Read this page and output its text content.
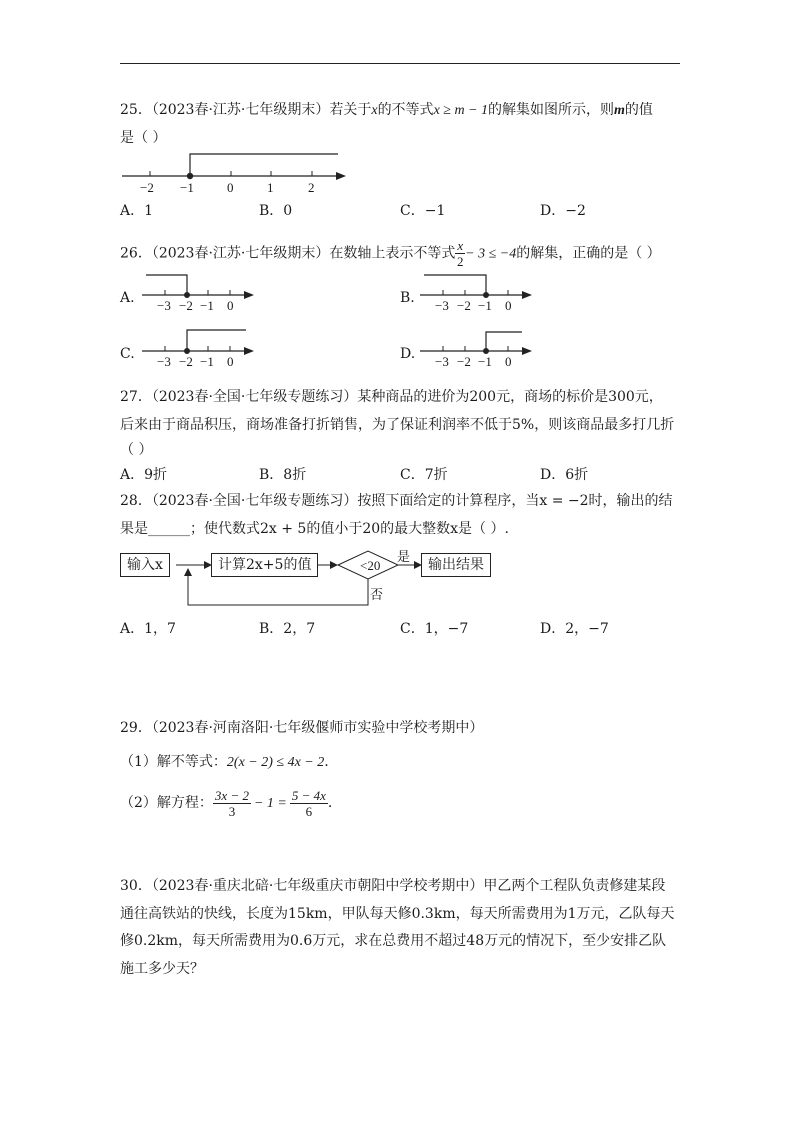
25．（2023春·江苏·七年级期末）若关于x的不等式x ≥ m − 1的解集如图所示，则m的值
是（ ）
−2 −1	0	1	2
A．1	B．0	C．−1	D．−2
26．（2023春·江苏·七年级期末）在数轴上表示不等式 $\frac{x}{2} - 3 \le -4$的解集，正确的是（ ）
A. −3 −2 −1 0	B. −3 −2 −1 0
C. −3 −2 −1 0	D. −3 −2 −1 0
27．（2023春·全国·七年级专题练习）某种商品的进价为200元，商场的标价是300元，
后来由于商品积压，商场准备打折销售，为了保证利润率不低于5%，则该商品最多打几折
（ ）
A．9折	B．8折	C．7折	D．6折
28．（2023春·全国·七年级专题练习）按照下面给定的计算程序，当x = −2时，输出的结
果是______；使代数式2x + 5的值小于20的最大整数x是（ ）.
<20
输入x	计算2x+5的值	输出结果
是
否
A．1，7	B．2，7	C．1，−7	D．2，−7
29．（2023春·河南洛阳·七年级偃师市实验中学校考期中）
（1）解不等式：2(x − 2) ≤ 4x − 2.
（2）解方程： $\frac{3x - 2}{3} - 1 = \frac{5 - 4x}{6}$ .
30．（2023春·重庆北碚·七年级重庆市朝阳中学校考期中）甲乙两个工程队负责修建某段
通往高铁站的快线，长度为15km，甲队每天修0.3km，每天所需费用为1万元，乙队每天
修0.2km，每天所需费用为0.6万元，求在总费用不超过48万元的情况下，至少安排乙队
施工多少天？
